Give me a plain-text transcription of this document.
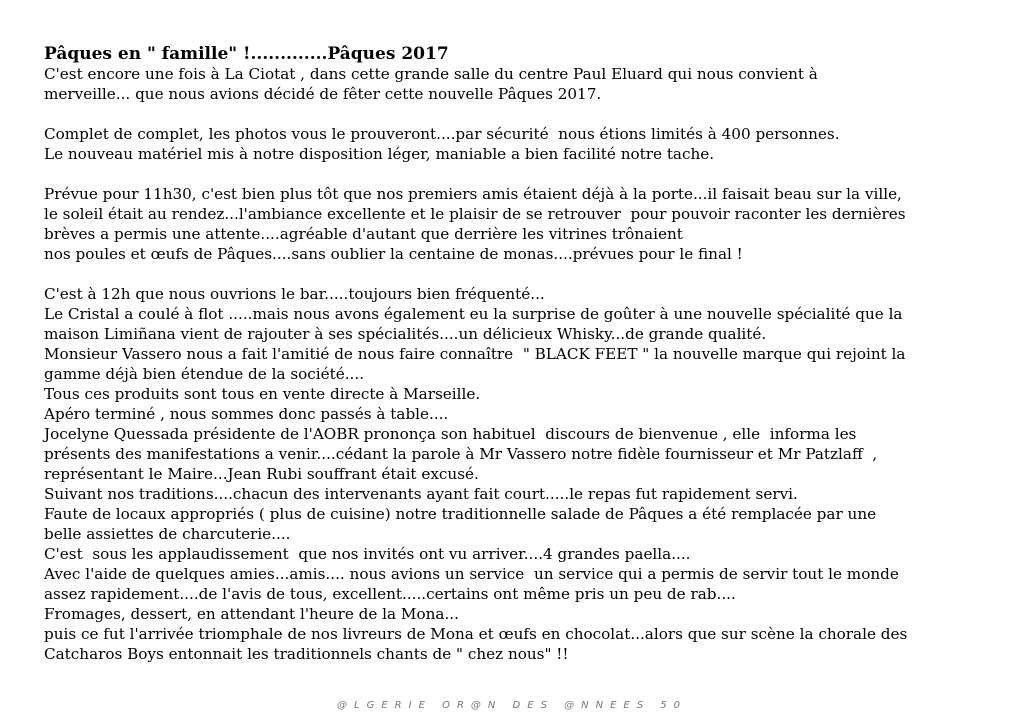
Pâques en " famille" !.............Pâques 2017
C'est encore une fois à La Ciotat , dans cette grande salle du centre Paul Eluard qui nous convient à
merveille... que nous avions décidé de fêter cette nouvelle Pâques 2017.
Complet de complet, les photos vous le prouveront....par sécurité  nous étions limités à 400 personnes.
Le nouveau matériel mis à notre disposition léger, maniable a bien facilité notre tache.
Prévue pour 11h30, c'est bien plus tôt que nos premiers amis étaient déjà à la porte...il faisait beau sur la ville,
le soleil était au rendez...l'ambiance excellente et le plaisir de se retrouver  pour pouvoir raconter les dernières
brèves a permis une attente....agréable d'autant que derrière les vitrines trônaient
nos poules et œufs de Pâques....sans oublier la centaine de monas....prévues pour le final !
C'est à 12h que nous ouvrions le bar.....toujours bien fréquenté...
Le Cristal a coulé à flot .....mais nous avons également eu la surprise de goûter à une nouvelle spécialité que la
maison Limiñana vient de rajouter à ses spécialités....un délicieux Whisky...de grande qualité.
Monsieur Vassero nous a fait l'amitié de nous faire connaître  " BLACK FEET " la nouvelle marque qui rejoint la
gamme déjà bien étendue de la société....
Tous ces produits sont tous en vente directe à Marseille.
Apéro terminé , nous sommes donc passés à table....
Jocelyne Quessada présidente de l'AOBR prononça son habituel  discours de bienvenue , elle  informa les
présents des manifestations a venir....cédant la parole à Mr Vassero notre fidèle fournisseur et Mr Patzlaff  ,
représentant le Maire...Jean Rubi souffrant était excusé.
Suivant nos traditions....chacun des intervenants ayant fait court.....le repas fut rapidement servi.
Faute de locaux appropriés ( plus de cuisine) notre traditionnelle salade de Pâques a été remplacée par une
belle assiettes de charcuterie....
C'est  sous les applaudissement  que nos invités ont vu arriver....4 grandes paella....
Avec l'aide de quelques amies...amis.... nous avions un service  un service qui a permis de servir tout le monde
assez rapidement....de l'avis de tous, excellent.....certains ont même pris un peu de rab....
Fromages, dessert, en attendant l'heure de la Mona...
puis ce fut l'arrivée triomphale de nos livreurs de Mona et œufs en chocolat...alors que sur scène la chorale des
Catcharos Boys entonnait les traditionnels chants de " chez nous" !!
@LGERIE OR@N DES @NNEES 50
